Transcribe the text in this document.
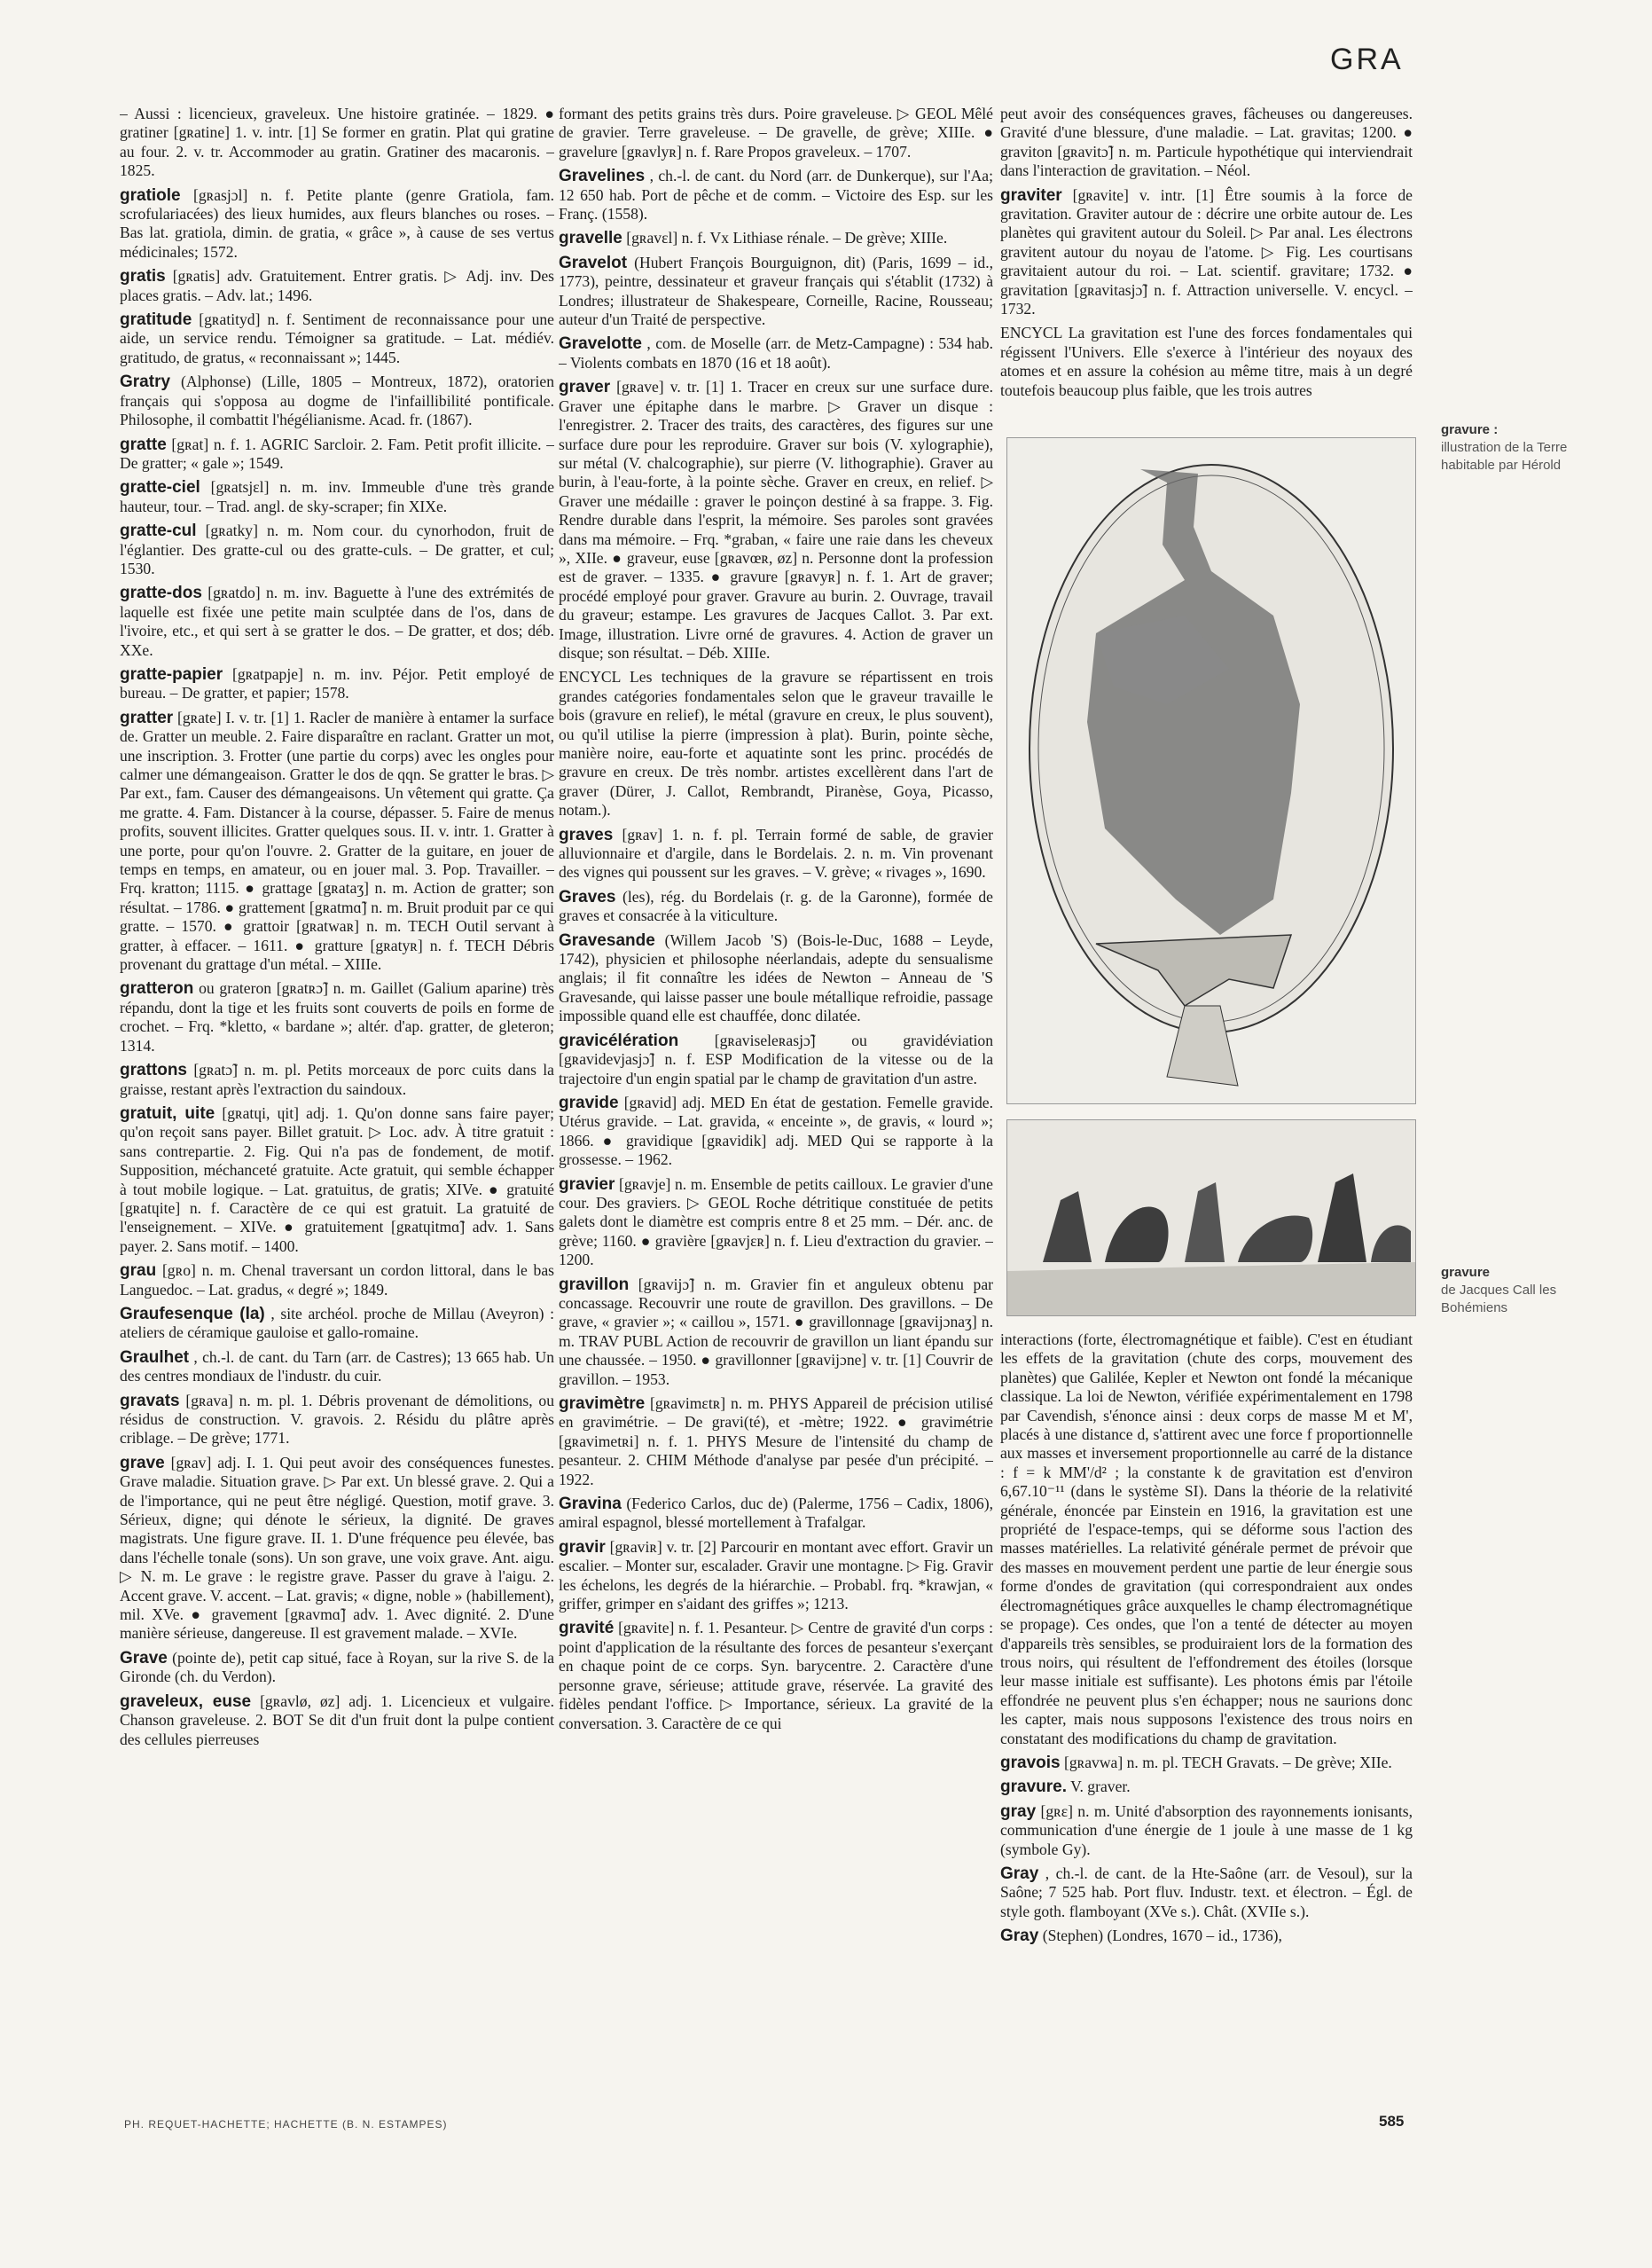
GRA

– Aussi : licencieux, graveleux. Une histoire gratinée. – 1829. ● gratiner [gʀatine] 1. v. intr. [1] Se former en gratin. Plat qui gratine au four. 2. v. tr. Accommoder au gratin. Gratiner des macaronis. – 1825.

gratiole [gʀasjɔl] n. f. Petite plante (genre Gratiola, fam. scrofulariacées) des lieux humides, aux fleurs blanches ou roses. – Bas lat. gratiola, dimin. de gratia, « grâce », à cause de ses vertus médicinales; 1572.

gratis [gʀatis] adv. Gratuitement. Entrer gratis. ▷ Adj. inv. Des places gratis. – Adv. lat.; 1496.

gratitude [gʀatityd] n. f. Sentiment de reconnaissance pour une aide, un service rendu. Témoigner sa gratitude. – Lat. médiév. gratitudo, de gratus, « reconnaissant »; 1445.

Gratry (Alphonse) (Lille, 1805 – Montreux, 1872), oratorien français qui s'opposa au dogme de l'infaillibilité pontificale. Philosophe, il combattit l'hégélianisme. Acad. fr. (1867).

gratte [gʀat] n. f. 1. AGRIC Sarcloir. 2. Fam. Petit profit illicite. – De gratter; « gale »; 1549.

gratte-ciel [gʀatsjɛl] n. m. inv. Immeuble d'une très grande hauteur, tour. – Trad. angl. de sky-scraper; fin XIXe.

gratte-cul [gʀatky] n. m. Nom cour. du cynorhodon, fruit de l'églantier. Des gratte-cul ou des gratte-culs. – De gratter, et cul; 1530.

gratte-dos [gʀatdo] n. m. inv. Baguette à l'une des extrémités de laquelle est fixée une petite main sculptée dans de l'os, dans de l'ivoire, etc., et qui sert à se gratter le dos. – De gratter, et dos; déb. XXe.

gratte-papier [gʀatpapje] n. m. inv. Péjor. Petit employé de bureau. – De gratter, et papier; 1578.

gratter [gʀate] I. v. tr. [1] 1. Racler de manière à entamer la surface de. Gratter un meuble. 2. Faire disparaître en raclant. Gratter un mot, une inscription. 3. Frotter (une partie du corps) avec les ongles pour calmer une démangeaison. Gratter le dos de qqn. Se gratter le bras. ▷ Par ext., fam. Causer des démangeaisons. Un vêtement qui gratte. Ça me gratte. 4. Fam. Distancer à la course, dépasser. 5. Faire de menus profits, souvent illicites. Gratter quelques sous. II. v. intr. 1. Gratter à une porte, pour qu'on l'ouvre. 2. Gratter de la guitare, en jouer de temps en temps, en amateur, ou en jouer mal. 3. Pop. Travailler. – Frq. kratton; 1115. ● grattage [gʀataʒ] n. m. Action de gratter; son résultat. – 1786. ● grattement [gʀatmɑ̃] n. m. Bruit produit par ce qui gratte. – 1570. ● grattoir [gʀatwaʀ] n. m. TECH Outil servant à gratter, à effacer. – 1611. ● gratture [gʀatyʀ] n. f. TECH Débris provenant du grattage d'un métal. – XIIIe.

gratteron ou grateron [gʀatʀɔ̃] n. m. Gaillet (Galium aparine) très répandu, dont la tige et les fruits sont couverts de poils en forme de crochet. – Frq. *kletto, « bardane »; altér. d'ap. gratter, de gleteron; 1314.

grattons [gʀatɔ̃] n. m. pl. Petits morceaux de porc cuits dans la graisse, restant après l'extraction du saindoux.

gratuit, uite [gʀatɥi, ɥit] adj. 1. Qu'on donne sans faire payer; qu'on reçoit sans payer. Billet gratuit. ▷ Loc. adv. À titre gratuit : sans contrepartie. 2. Fig. Qui n'a pas de fondement, de motif. Supposition, méchanceté gratuite. Acte gratuit, qui semble échapper à tout mobile logique. – Lat. gratuitus, de gratis; XIVe. ● gratuité [gʀatɥite] n. f. Caractère de ce qui est gratuit. La gratuité de l'enseignement. – XIVe. ● gratuitement [gʀatɥitmɑ̃] adv. 1. Sans payer. 2. Sans motif. – 1400.

grau [gʀo] n. m. Chenal traversant un cordon littoral, dans le bas Languedoc. – Lat. gradus, « degré »; 1849.

Graufesenque (la) , site archéol. proche de Millau (Aveyron) : ateliers de céramique gauloise et gallo-romaine.

Graulhet , ch.-l. de cant. du Tarn (arr. de Castres); 13 665 hab. Un des centres mondiaux de l'industr. du cuir.

gravats [gʀava] n. m. pl. 1. Débris provenant de démolitions, ou résidus de construction. V. gravois. 2. Résidu du plâtre après criblage. – De grève; 1771.

grave [gʀav] adj. I. 1. Qui peut avoir des conséquences funestes. Grave maladie. Situation grave. ▷ Par ext. Un blessé grave. 2. Qui a de l'importance, qui ne peut être négligé. Question, motif grave. 3. Sérieux, digne; qui dénote le sérieux, la dignité. De graves magistrats. Une figure grave. II. 1. D'une fréquence peu élevée, bas dans l'échelle tonale (sons). Un son grave, une voix grave. Ant. aigu. ▷ N. m. Le grave : le registre grave. Passer du grave à l'aigu. 2. Accent grave. V. accent. – Lat. gravis; « digne, noble » (habillement), mil. XVe. ● gravement [gʀavmɑ̃] adv. 1. Avec dignité. 2. D'une manière sérieuse, dangereuse. Il est gravement malade. – XVIe.

Grave (pointe de), petit cap situé, face à Royan, sur la rive S. de la Gironde (ch. du Verdon).

graveleux, euse [gʀavlø, øz] adj. 1. Licencieux et vulgaire. Chanson graveleuse. 2. BOT Se dit d'un fruit dont la pulpe contient des cellules pierreuses

formant des petits grains très durs. Poire graveleuse. ▷ GEOL Mêlé de gravier. Terre graveleuse. – De gravelle, de grève; XIIIe. ● gravelure [gʀavlyʀ] n. f. Rare Propos graveleux. – 1707.

Gravelines , ch.-l. de cant. du Nord (arr. de Dunkerque), sur l'Aa; 12 650 hab. Port de pêche et de comm. – Victoire des Esp. sur les Franç. (1558).

gravelle [gʀavɛl] n. f. Vx Lithiase rénale. – De grève; XIIIe.

Gravelot (Hubert François Bourguignon, dit) (Paris, 1699 – id., 1773), peintre, dessinateur et graveur français qui s'établit (1732) à Londres; illustrateur de Shakespeare, Corneille, Racine, Rousseau; auteur d'un Traité de perspective.

Gravelotte , com. de Moselle (arr. de Metz-Campagne) : 534 hab. – Violents combats en 1870 (16 et 18 août).

graver [gʀave] v. tr. [1] 1. Tracer en creux sur une surface dure. Graver une épitaphe dans le marbre. ▷ Graver un disque : l'enregistrer. 2. Tracer des traits, des caractères, des figures sur une surface dure pour les reproduire. Graver sur bois (V. xylographie), sur métal (V. chalcographie), sur pierre (V. lithographie). Graver au burin, à l'eau-forte, à la pointe sèche. Graver en creux, en relief. ▷ Graver une médaille : graver le poinçon destiné à sa frappe. 3. Fig. Rendre durable dans l'esprit, la mémoire. Ses paroles sont gravées dans ma mémoire. – Frq. *graban, « faire une raie dans les cheveux », XIIe. ● graveur, euse [gʀavœʀ, øz] n. Personne dont la profession est de graver. – 1335. ● gravure [gʀavyʀ] n. f. 1. Art de graver; procédé employé pour graver. Gravure au burin. 2. Ouvrage, travail du graveur; estampe. Les gravures de Jacques Callot. 3. Par ext. Image, illustration. Livre orné de gravures. 4. Action de graver un disque; son résultat. – Déb. XIIIe.

ENCYCL Les techniques de la gravure se répartissent en trois grandes catégories fondamentales selon que le graveur travaille le bois (gravure en relief), le métal (gravure en creux, le plus souvent), ou qu'il utilise la pierre (impression à plat). Burin, pointe sèche, manière noire, eau-forte et aquatinte sont les princ. procédés de gravure en creux. De très nombr. artistes excellèrent dans l'art de graver (Dürer, J. Callot, Rembrandt, Piranèse, Goya, Picasso, notam.).

graves [gʀav] 1. n. f. pl. Terrain formé de sable, de gravier alluvionnaire et d'argile, dans le Bordelais. 2. n. m. Vin provenant des vignes qui poussent sur les graves. – V. grève; « rivages », 1690.

Graves (les), rég. du Bordelais (r. g. de la Garonne), formée de graves et consacrée à la viticulture.

Gravesande (Willem Jacob 'S) (Bois-le-Duc, 1688 – Leyde, 1742), physicien et philosophe néerlandais, adepte du sensualisme anglais; il fit connaître les idées de Newton – Anneau de 'S Gravesande, qui laisse passer une boule métallique refroidie, passage impossible quand elle est chauffée, donc dilatée.

gravicélération [gʀaviseleʀasjɔ̃] ou gravidéviation [gʀavidevjasjɔ̃] n. f. ESP Modification de la vitesse ou de la trajectoire d'un engin spatial par le champ de gravitation d'un astre.

gravide [gʀavid] adj. MED En état de gestation. Femelle gravide. Utérus gravide. – Lat. gravida, « enceinte », de gravis, « lourd »; 1866. ● gravidique [gʀavidik] adj. MED Qui se rapporte à la grossesse. – 1962.

gravier [gʀavje] n. m. Ensemble de petits cailloux. Le gravier d'une cour. Des graviers. ▷ GEOL Roche détritique constituée de petits galets dont le diamètre est compris entre 8 et 25 mm. – Dér. anc. de grève; 1160. ● gravière [gʀavjɛʀ] n. f. Lieu d'extraction du gravier. – 1200.

gravillon [gʀavijɔ̃] n. m. Gravier fin et anguleux obtenu par concassage. Recouvrir une route de gravillon. Des gravillons. – De grave, « gravier »; « caillou », 1571. ● gravillonnage [gʀavijɔnaʒ] n. m. TRAV PUBL Action de recouvrir de gravillon un liant épandu sur une chaussée. – 1950. ● gravillonner [gʀavijɔne] v. tr. [1] Couvrir de gravillon. – 1953.

gravimètre [gʀavimɛtʀ] n. m. PHYS Appareil de précision utilisé en gravimétrie. – De gravi(té), et -mètre; 1922. ● gravimétrie [gʀavimetʀi] n. f. 1. PHYS Mesure de l'intensité du champ de pesanteur. 2. CHIM Méthode d'analyse par pesée d'un précipité. – 1922.

Gravina (Federico Carlos, duc de) (Palerme, 1756 – Cadix, 1806), amiral espagnol, blessé mortellement à Trafalgar.

gravir [gʀaviʀ] v. tr. [2] Parcourir en montant avec effort. Gravir un escalier. – Monter sur, escalader. Gravir une montagne. ▷ Fig. Gravir les échelons, les degrés de la hiérarchie. – Probabl. frq. *krawjan, « griffer, grimper en s'aidant des griffes »; 1213.

gravité [gʀavite] n. f. 1. Pesanteur. ▷ Centre de gravité d'un corps : point d'application de la résultante des forces de pesanteur s'exerçant en chaque point de ce corps. Syn. barycentre. 2. Caractère d'une personne grave, sérieuse; attitude grave, réservée. La gravité des fidèles pendant l'office. ▷ Importance, sérieux. La gravité de la conversation. 3. Caractère de ce qui

peut avoir des conséquences graves, fâcheuses ou dangereuses. Gravité d'une blessure, d'une maladie. – Lat. gravitas; 1200. ● graviton [gʀavitɔ̃] n. m. Particule hypothétique qui interviendrait dans l'interaction de gravitation. – Néol.

graviter [gʀavite] v. intr. [1] Être soumis à la force de gravitation. Graviter autour de : décrire une orbite autour de. Les planètes qui gravitent autour du Soleil. ▷ Par anal. Les électrons gravitent autour du noyau de l'atome. ▷ Fig. Les courtisans gravitaient autour du roi. – Lat. scientif. gravitare; 1732. ● gravitation [gʀavitasjɔ̃] n. f. Attraction universelle. V. encycl. – 1732.

ENCYCL La gravitation est l'une des forces fondamentales qui régissent l'Univers. Elle s'exerce à l'intérieur des noyaux des atomes et en assure la cohésion au même titre, mais à un degré toutefois beaucoup plus faible, que les trois autres

gravure :
illustration de la Terre habitable par Hérold
gravure
de Jacques Call les Bohémiens

interactions (forte, électromagnétique et faible). C'est en étudiant les effets de la gravitation (chute des corps, mouvement des planètes) que Galilée, Kepler et Newton ont fondé la mécanique classique. La loi de Newton, vérifiée expérimentalement en 1798 par Cavendish, s'énonce ainsi : deux corps de masse M et M', placés à une distance d, s'attirent avec une force f proportionnelle aux masses et inversement proportionnelle au carré de la distance : f = k MM'/d² ; la constante k de gravitation est d'environ 6,67.10⁻¹¹ (dans le système SI). Dans la théorie de la relativité générale, énoncée par Einstein en 1916, la gravitation est une propriété de l'espace-temps, qui se déforme sous l'action des masses matérielles. La relativité générale permet de prévoir que des masses en mouvement perdent une partie de leur énergie sous forme d'ondes de gravitation (qui correspondraient aux ondes électromagnétiques grâce auxquelles le champ électromagnétique se propage). Ces ondes, que l'on a tenté de détecter au moyen d'appareils très sensibles, se produiraient lors de la formation des trous noirs, qui résultent de l'effondrement des étoiles (lorsque leur masse initiale est suffisante). Les photons émis par l'étoile effondrée ne peuvent plus s'en échapper; nous ne saurions donc les capter, mais nous supposons l'existence des trous noirs en constatant des modifications du champ de gravitation.

gravois [gʀavwa] n. m. pl. TECH Gravats. – De grève; XIIe.

gravure. V. graver.

gray [gʀɛ] n. m. Unité d'absorption des rayonnements ionisants, communication d'une énergie de 1 joule à une masse de 1 kg (symbole Gy).

Gray , ch.-l. de cant. de la Hte-Saône (arr. de Vesoul), sur la Saône; 7 525 hab. Port fluv. Industr. text. et électron. – Égl. de style goth. flamboyant (XVe s.). Chât. (XVIIe s.).

Gray (Stephen) (Londres, 1670 – id., 1736),

PH. REQUET-HACHETTE; HACHETTE (B. N. ESTAMPES)	585
